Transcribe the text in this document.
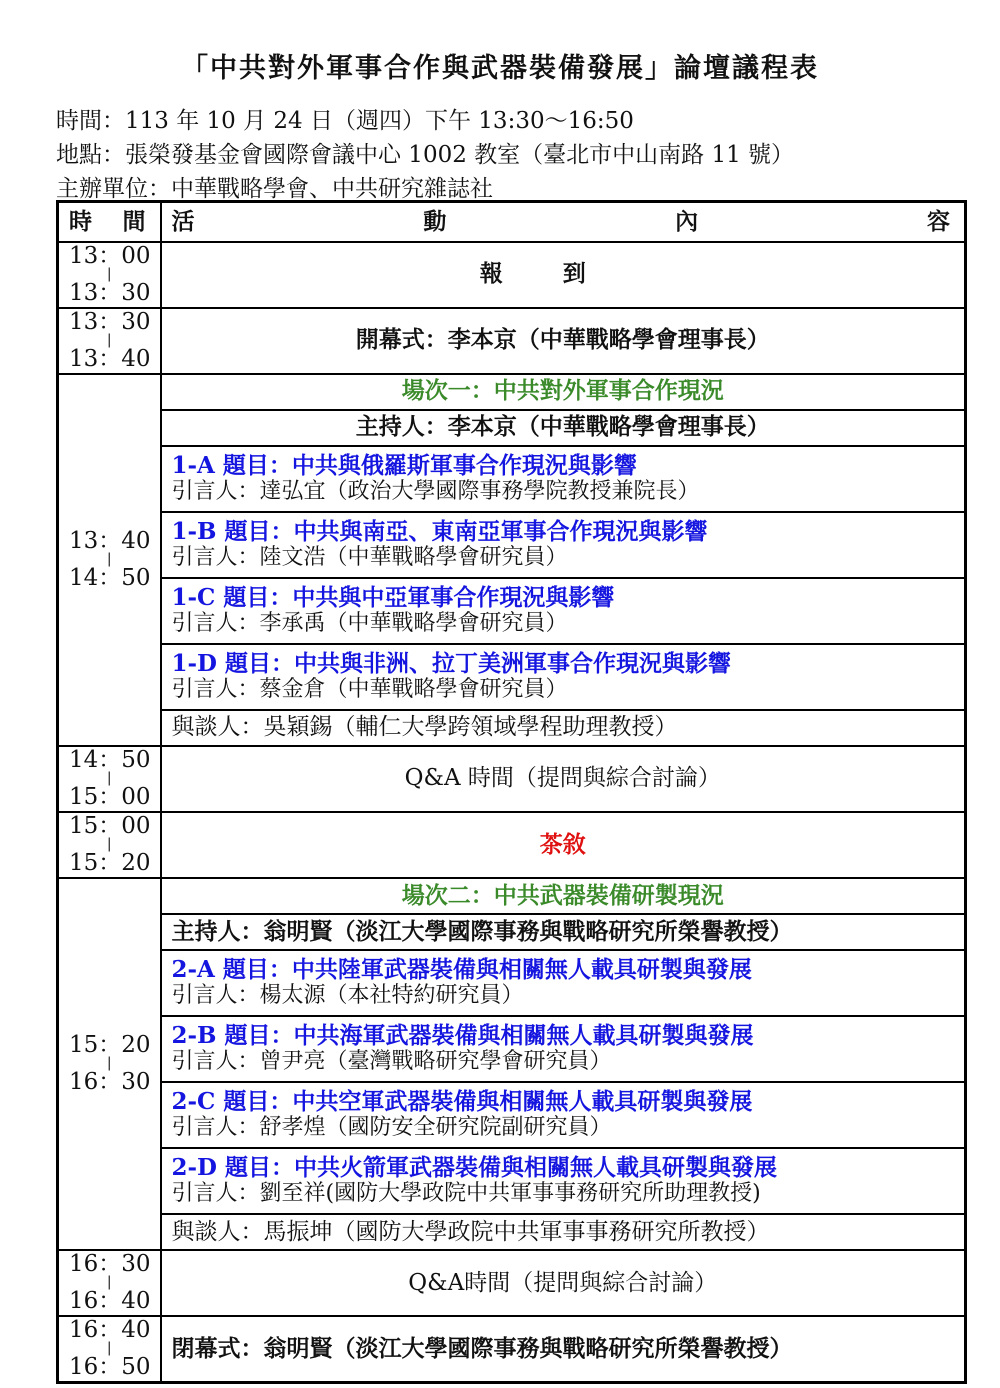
「中共對外軍事合作與武器裝備發展」論壇議程表
時間：113 年 10 月 24 日（週四）下午 13:30～16:50
地點：張榮發基金會國際會議中心 1002 教室（臺北市中山南路 11 號）
主辦單位：中華戰略學會、中共研究雜誌社
時 間	活 動 內 容

13：00
|
13：30	報到

13：30
|
13：40	開幕式：李本京（中華戰略學會理事長）

13：40
|
14：50	場次一：中共對外軍事合作現況
	主持人：李本京（中華戰略學會理事長）

	1-A 題目：中共與俄羅斯軍事合作現況與影響
引言人：達弘宜（政治大學國際事務學院教授兼院長）

	1-B 題目：中共與南亞、東南亞軍事合作現況與影響
引言人：陸文浩（中華戰略學會研究員）

	1-C 題目：中共與中亞軍事合作現況與影響
引言人：李承禹（中華戰略學會研究員）

	1-D 題目：中共與非洲、拉丁美洲軍事合作現況與影響
引言人：蔡金倉（中華戰略學會研究員）

	與談人：吳穎錫（輔仁大學跨領域學程助理教授）

14：50
|
15：00	Q&A 時間（提問與綜合討論）

15：00
|
15：20	茶敘

15：20
|
16：30	場次二：中共武器裝備研製現況
	主持人：翁明賢（淡江大學國際事務與戰略研究所榮譽教授）

	2-A 題目：中共陸軍武器裝備與相關無人載具研製與發展
引言人：楊太源（本社特約研究員）

	2-B 題目：中共海軍武器裝備與相關無人載具研製與發展
引言人：曾尹亮（臺灣戰略研究學會研究員）

	2-C 題目：中共空軍武器裝備與相關無人載具研製與發展
引言人：舒孝煌（國防安全研究院副研究員）

	2-D 題目：中共火箭軍武器裝備與相關無人載具研製與發展
引言人：劉至祥(國防大學政院中共軍事事務研究所助理教授)

	與談人：馬振坤（國防大學政院中共軍事事務研究所教授）

16：30
|
16：40	Q&A時間（提問與綜合討論）

16：40
|
16：50	閉幕式：翁明賢（淡江大學國際事務與戰略研究所榮譽教授）
